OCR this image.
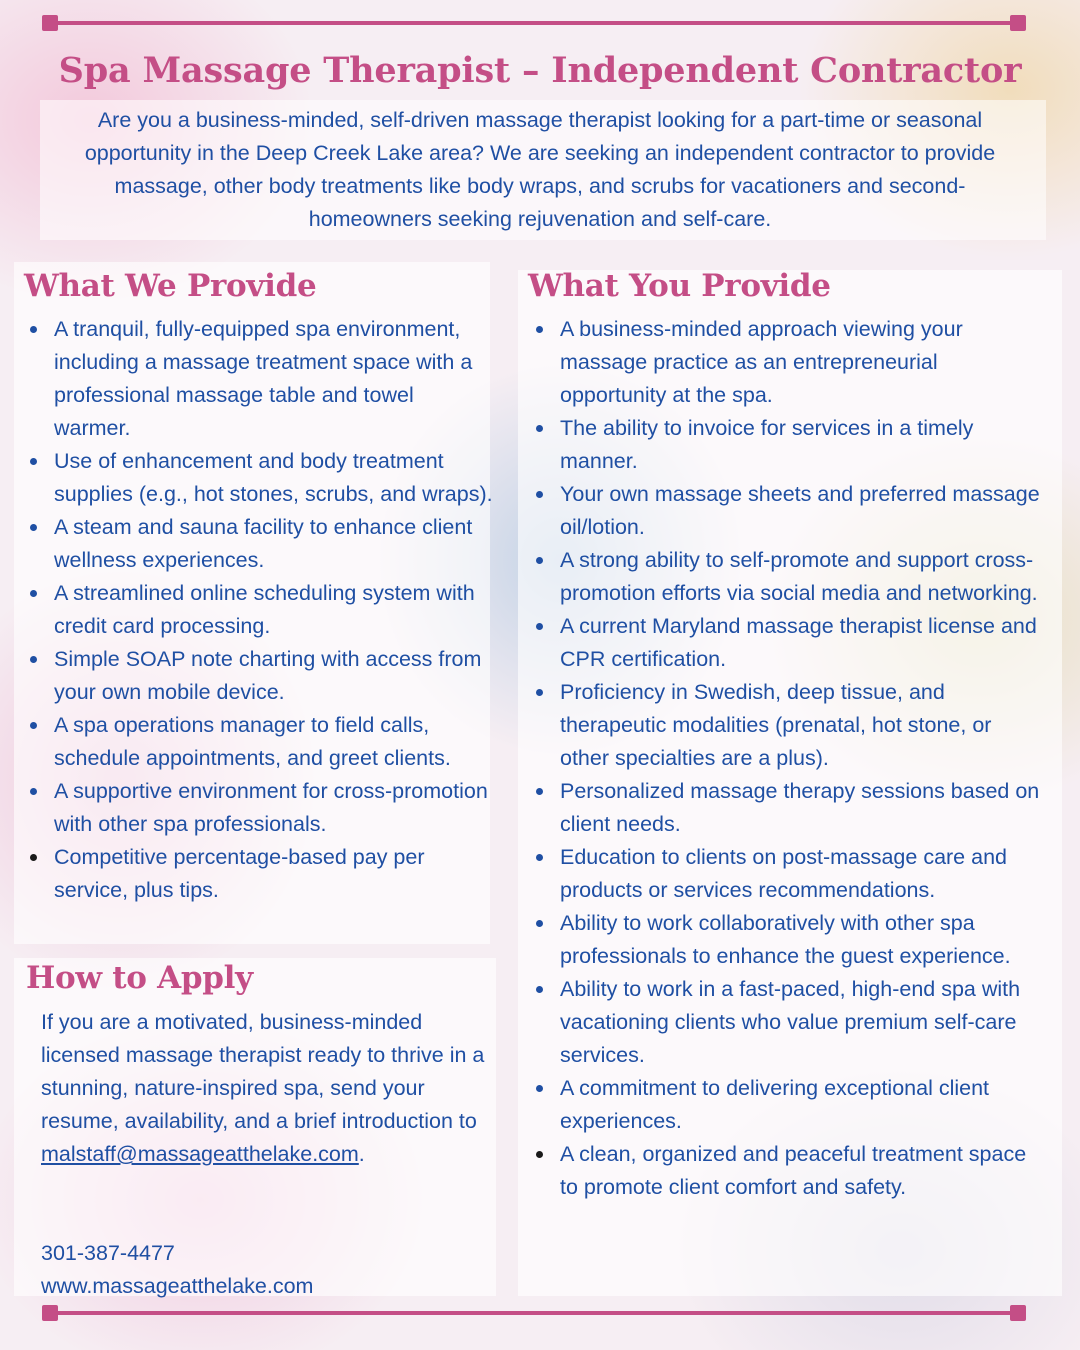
Spa Massage Therapist – Independent Contractor

Are you a business-minded, self-driven massage therapist looking for a part-time or seasonal opportunity in the Deep Creek Lake area? We are seeking an independent contractor to provide massage, other body treatments like body wraps, and scrubs for vacationers and second-homeowners seeking rejuvenation and self-care.

What We Provide
A tranquil, fully-equipped spa environment, including a massage treatment space with a professional massage table and towel warmer.
Use of enhancement and body treatment supplies (e.g., hot stones, scrubs, and wraps).
A steam and sauna facility to enhance client wellness experiences.
A streamlined online scheduling system with credit card processing.
Simple SOAP note charting with access from your own mobile device.
A spa operations manager to field calls, schedule appointments, and greet clients.
A supportive environment for cross-promotion with other spa professionals.
Competitive percentage-based pay per service, plus tips.
What You Provide
A business-minded approach viewing your massage practice as an entrepreneurial opportunity at the spa.
The ability to invoice for services in a timely manner.
Your own massage sheets and preferred massage oil/lotion.
A strong ability to self-promote and support cross-promotion efforts via social media and networking.
A current Maryland massage therapist license and CPR certification.
Proficiency in Swedish, deep tissue, and therapeutic modalities (prenatal, hot stone, or other specialties are a plus).
Personalized massage therapy sessions based on client needs.
Education to clients on post-massage care and products or services recommendations.
Ability to work collaboratively with other spa professionals to enhance the guest experience.
Ability to work in a fast-paced, high-end spa with vacationing clients who value premium self-care services.
A commitment to delivering exceptional client experiences.
A clean, organized and peaceful treatment space to promote client comfort and safety.
How to Apply

If you are a motivated, business-minded licensed massage therapist ready to thrive in a stunning, nature-inspired spa, send your resume, availability, and a brief introduction to malstaff@massageatthelake.com.

301-387-4477
www.massageatthelake.com
